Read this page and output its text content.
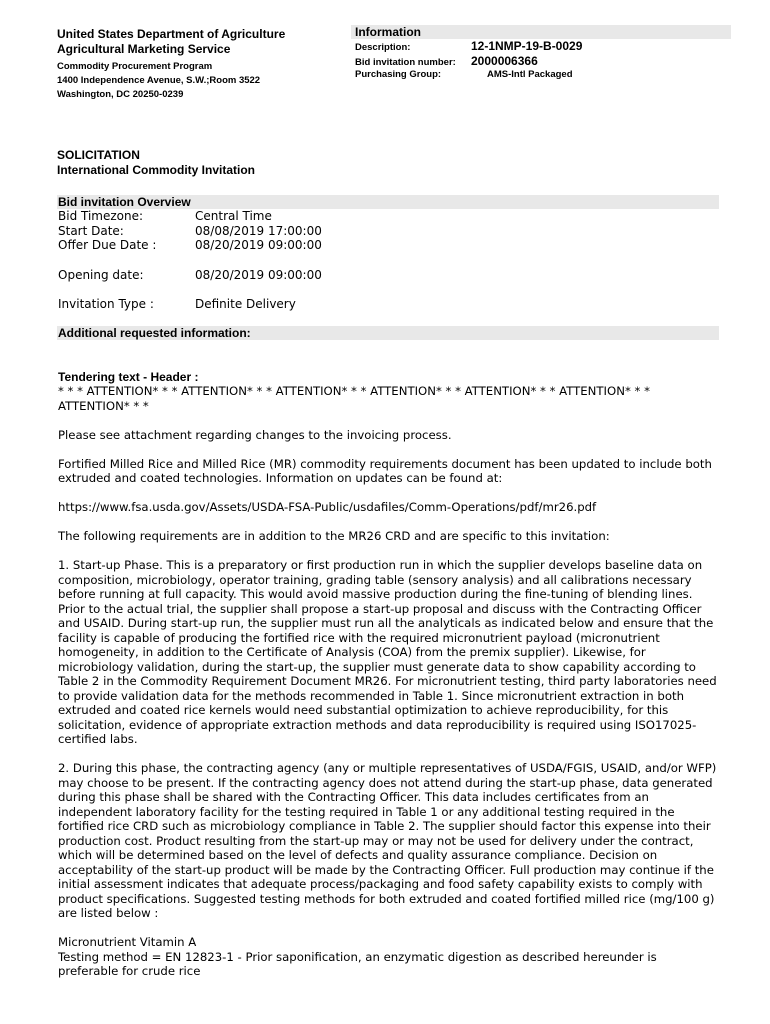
United States Department of Agriculture
Agricultural Marketing Service
Commodity Procurement Program
1400 Independence Avenue, S.W.;Room 3522
Washington, DC 20250-0239
Information
Description:	12-1NMP-19-B-0029
Bid invitation number:	2000006366
Purchasing Group:	AMS-Intl Packaged
SOLICITATION
International Commodity Invitation
Bid invitation Overview
Bid Timezone:	Central Time
Start Date:	08/08/2019 17:00:00
Offer Due Date :	08/20/2019 09:00:00
Opening date:	08/20/2019 09:00:00
Invitation Type :	Definite Delivery
Additional requested information:
Tendering text - Header :

* * * ATTENTION* * * ATTENTION* * * ATTENTION* * * ATTENTION* * * ATTENTION* * * ATTENTION* * * ATTENTION* * *

Please see attachment regarding changes to the invoicing process.

Fortified Milled Rice and Milled Rice (MR) commodity requirements document has been updated to include both extruded and coated technologies. Information on updates can be found at:

https://www.fsa.usda.gov/Assets/USDA-FSA-Public/usdafiles/Comm-Operations/pdf/mr26.pdf

The following requirements are in addition to the MR26 CRD and are specific to this invitation:

1. Start-up Phase. This is a preparatory or first production run in which the supplier develops baseline data on composition, microbiology, operator training, grading table (sensory analysis) and all calibrations necessary before running at full capacity. This would avoid massive production during the fine-tuning of blending lines. Prior to the actual trial, the supplier shall propose a start-up proposal and discuss with the Contracting Officer and USAID. During start-up run, the supplier must run all the analyticals as indicated below and ensure that the facility is capable of producing the fortified rice with the required micronutrient payload (micronutrient homogeneity, in addition to the Certificate of Analysis (COA) from the premix supplier). Likewise, for microbiology validation, during the start-up, the supplier must generate data to show capability according to Table 2 in the Commodity Requirement Document MR26. For micronutrient testing, third party laboratories need to provide validation data for the methods recommended in Table 1. Since micronutrient extraction in both extruded and coated rice kernels would need substantial optimization to achieve reproducibility, for this solicitation, evidence of appropriate extraction methods and data reproducibility is required using ISO17025-certified labs.

2. During this phase, the contracting agency (any or multiple representatives of USDA/FGIS, USAID, and/or WFP) may choose to be present. If the contracting agency does not attend during the start-up phase, data generated during this phase shall be shared with the Contracting Officer. This data includes certificates from an independent laboratory facility for the testing required in Table 1 or any additional testing required in the fortified rice CRD such as microbiology compliance in Table 2. The supplier should factor this expense into their production cost. Product resulting from the start-up may or may not be used for delivery under the contract, which will be determined based on the level of defects and quality assurance compliance. Decision on acceptability of the start-up product will be made by the Contracting Officer. Full production may continue if the initial assessment indicates that adequate process/packaging and food safety capability exists to comply with product specifications. Suggested testing methods for both extruded and coated fortified milled rice (mg/100 g) are listed below :

Micronutrient Vitamin A

Testing method = EN 12823-1 - Prior saponification, an enzymatic digestion as described hereunder is preferable for crude rice
